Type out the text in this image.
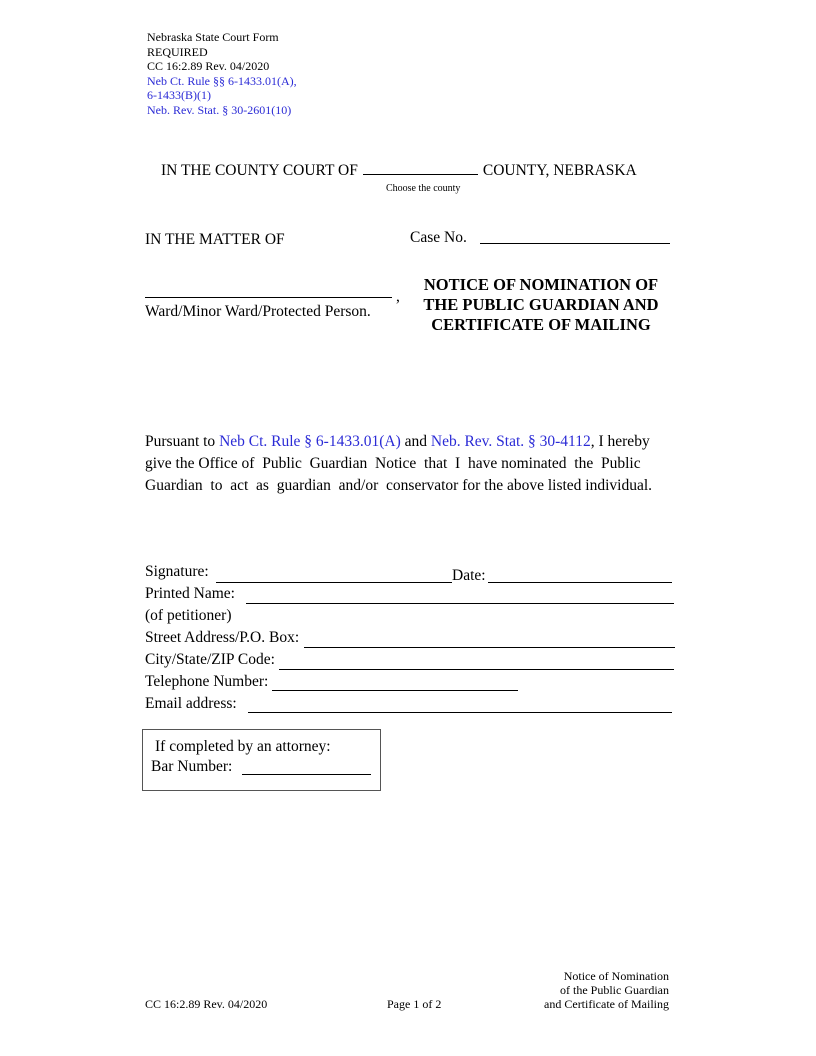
Nebraska State Court Form
REQUIRED
CC 16:2.89 Rev. 04/2020
Neb Ct. Rule §§ 6-1433.01(A),
6-1433(B)(1)
Neb. Rev. Stat. § 30-2601(10)
IN THE COUNTY COURT OF	COUNTY, NEBRASKA
Choose the county
IN THE MATTER OF	Case No.
,
Ward/Minor Ward/Protected Person.
NOTICE OF NOMINATION OF
THE PUBLIC GUARDIAN AND
CERTIFICATE OF MAILING

Pursuant to Neb Ct. Rule § 6-1433.01(A) and Neb. Rev. Stat. § 30-4112, I hereby

give the Office of  Public  Guardian  Notice  that  I  have nominated  the  Public

Guardian  to  act  as  guardian  and/or  conservator for the above listed individual.

Signature:	Date:
Printed Name:
(of petitioner)
Street Address/P.O. Box:
City/State/ZIP Code:
Telephone Number:
Email address:
If completed by an attorney:
Bar Number:
CC 16:2.89 Rev. 04/2020	Page 1 of 2
Notice of Nomination
of the Public Guardian
and Certificate of Mailing
